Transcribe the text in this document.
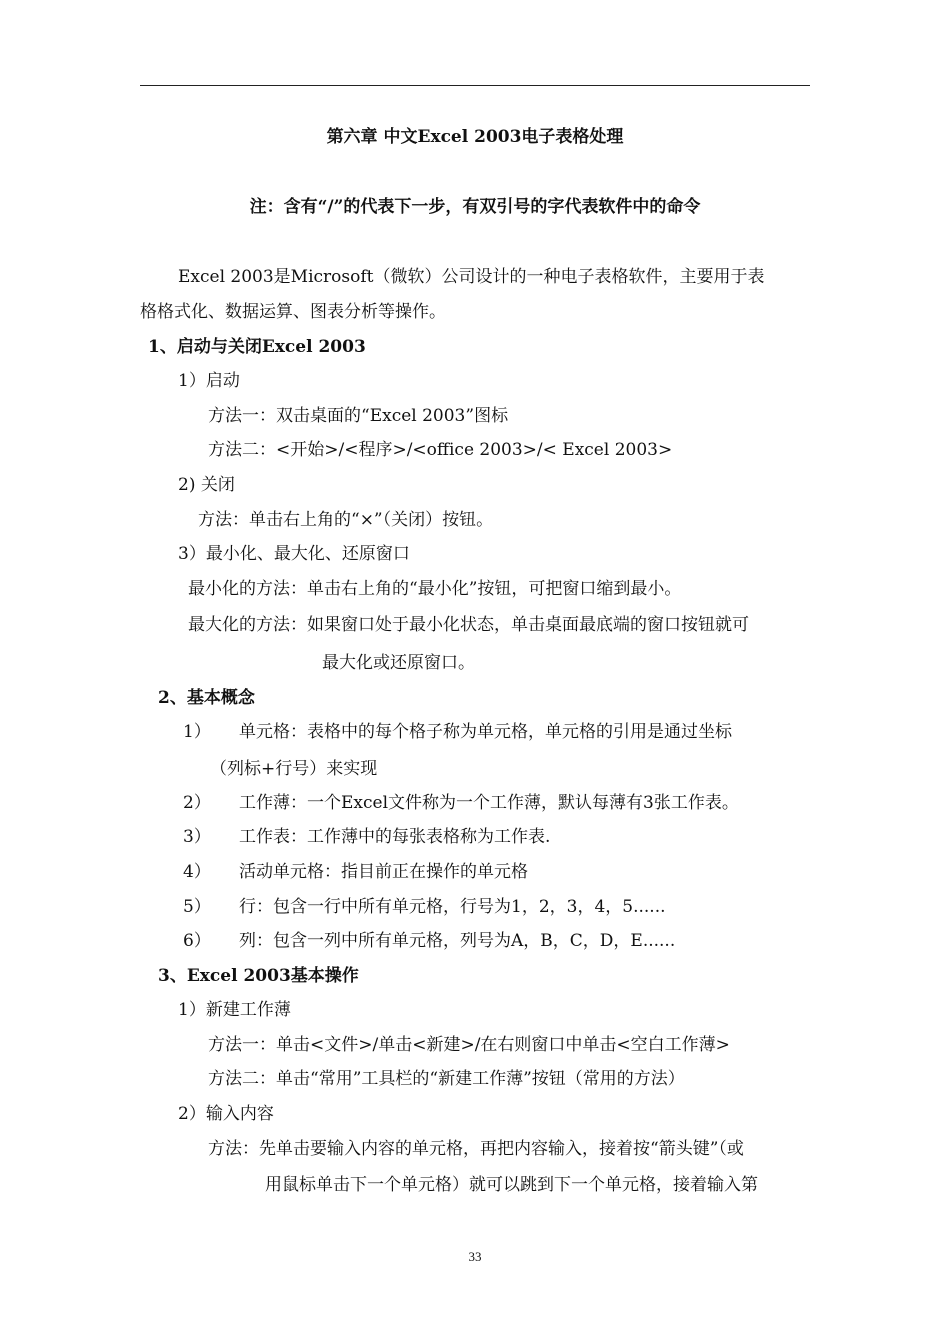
第六章 中文Excel 2003电子表格处理
注：含有“/”的代表下一步，有双引号的字代表软件中的命令
Excel 2003是Microsoft（微软）公司设计的一种电子表格软件，主要用于表
格格式化、数据运算、图表分析等操作。
1、启动与关闭Excel 2003
1）启动
方法一：双击桌面的“Excel 2003”图标
方法二：<开始>/<程序>/<office 2003>/< Excel 2003>
2) 关闭
方法：单击右上角的“×”（关闭）按钮。
3）最小化、最大化、还原窗口
最小化的方法：单击右上角的“最小化”按钮，可把窗口缩到最小。
最大化的方法：如果窗口处于最小化状态，单击桌面最底端的窗口按钮就可
最大化或还原窗口。
2、基本概念
1） 单元格：表格中的每个格子称为单元格，单元格的引用是通过坐标
（列标+行号）来实现
2） 工作薄：一个Excel文件称为一个工作薄，默认每薄有3张工作表。
3） 工作表：工作薄中的每张表格称为工作表.
4） 活动单元格：指目前正在操作的单元格
5） 行：包含一行中所有单元格，行号为1，2，3，4，5......
6） 列：包含一列中所有单元格，列号为A，B，C，D，E......
3、Excel 2003基本操作
1）新建工作薄
方法一：单击<文件>/单击<新建>/在右则窗口中单击<空白工作薄>
方法二：单击“常用”工具栏的“新建工作薄”按钮（常用的方法）
2）输入内容
方法：先单击要输入内容的单元格，再把内容输入，接着按“箭头键”（或
用鼠标单击下一个单元格）就可以跳到下一个单元格，接着输入第
33
